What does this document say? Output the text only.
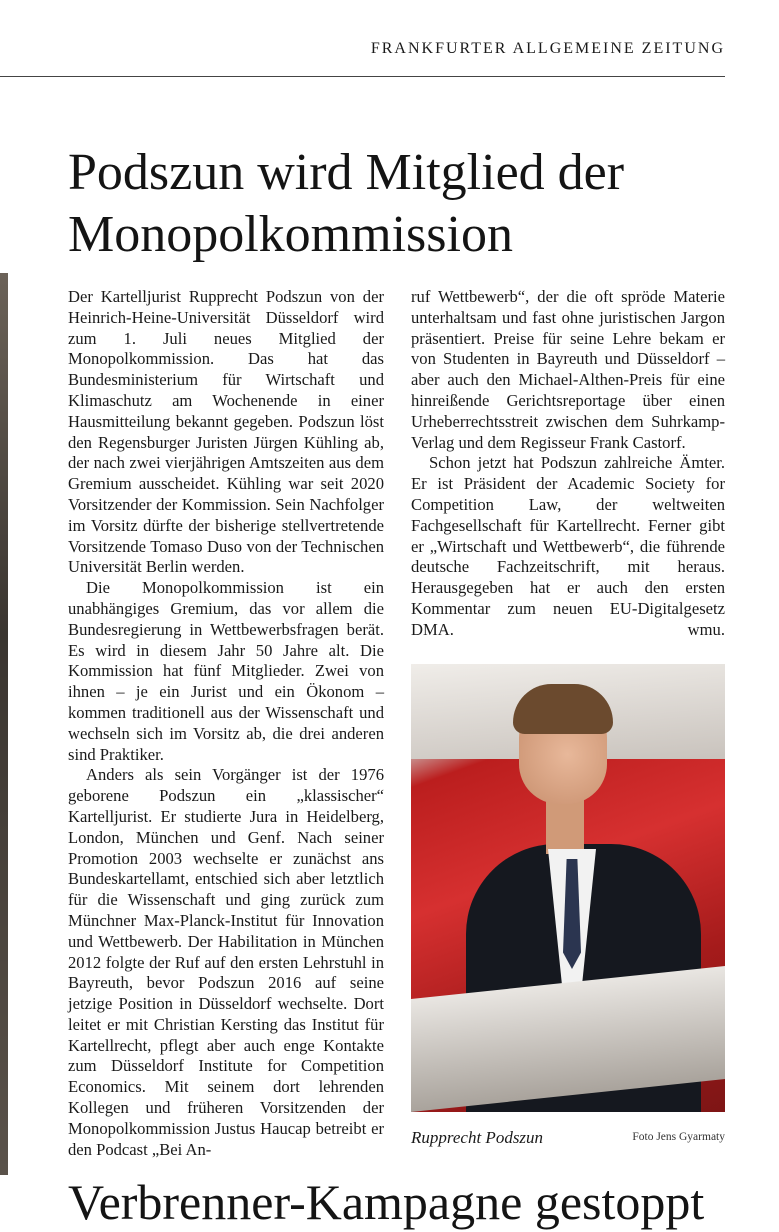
FRANKFURTER ALLGEMEINE ZEITUNG
Podszun wird Mitglied der Monopolkommission

Der Kartelljurist Rupprecht Podszun von der Heinrich-Heine-Universität Düsseldorf wird zum 1. Juli neues Mitglied der Monopolkommission. Das hat das Bundesministerium für Wirtschaft und Klimaschutz am Wochenende in einer Hausmitteilung bekannt gegeben. Podszun löst den Regensburger Juristen Jürgen Kühling ab, der nach zwei vierjährigen Amtszeiten aus dem Gremium ausscheidet. Kühling war seit 2020 Vorsitzender der Kommission. Sein Nachfolger im Vorsitz dürfte der bisherige stellvertretende Vorsitzende Tomaso Duso von der Technischen Universität Berlin werden.

Die Monopolkommission ist ein unabhängiges Gremium, das vor allem die Bundesregierung in Wettbewerbsfragen berät. Es wird in diesem Jahr 50 Jahre alt. Die Kommission hat fünf Mitglieder. Zwei von ihnen – je ein Jurist und ein Ökonom – kommen traditionell aus der Wissenschaft und wechseln sich im Vorsitz ab, die drei anderen sind Praktiker.

Anders als sein Vorgänger ist der 1976 geborene Podszun ein „klassischer“ Kartelljurist. Er studierte Jura in Heidelberg, London, München und Genf. Nach seiner Promotion 2003 wechselte er zunächst ans Bundeskartellamt, entschied sich aber letztlich für die Wissenschaft und ging zurück zum Münchner Max-Planck-Institut für Innovation und Wettbewerb. Der Habilitation in München 2012 folgte der Ruf auf den ersten Lehrstuhl in Bayreuth, bevor Podszun 2016 auf seine jetzige Position in Düsseldorf wechselte. Dort leitet er mit Christian Kersting das Institut für Kartellrecht, pflegt aber auch enge Kontakte zum Düsseldorf Institute for Competition Economics. Mit seinem dort lehrenden Kollegen und früheren Vorsitzenden der Monopolkommission Justus Haucap betreibt er den Podcast „Bei An-

ruf Wettbewerb“, der die oft spröde Materie unterhaltsam und fast ohne juristischen Jargon präsentiert. Preise für seine Lehre bekam er von Studenten in Bayreuth und Düsseldorf – aber auch den Michael-Althen-Preis für eine hinreißende Gerichtsreportage über einen Urheberrechtsstreit zwischen dem Suhrkamp-Verlag und dem Regisseur Frank Castorf.

Schon jetzt hat Podszun zahlreiche Ämter. Er ist Präsident der Academic Society for Competition Law, der weltweiten Fachgesellschaft für Kartellrecht. Ferner gibt er „Wirtschaft und Wettbewerb“, die führende deutsche Fachzeitschrift, mit heraus. Herausgegeben hat er auch den ersten Kommentar zum neuen EU-Digitalgesetz DMA.	wmu.

Rupprecht Podszun	Foto Jens Gyarmaty
Verbrenner-Kampagne gestoppt
